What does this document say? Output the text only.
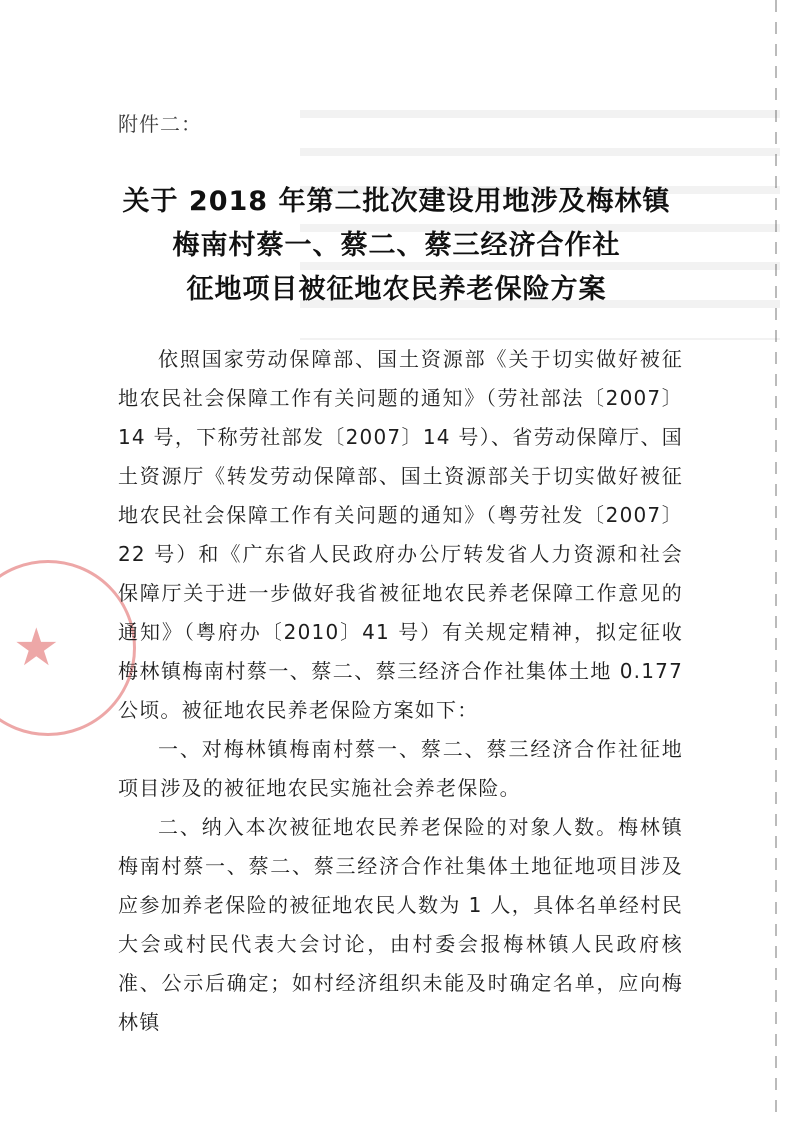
★
附件二：
关于 2018 年第二批次建设用地涉及梅林镇
梅南村蔡一、蔡二、蔡三经济合作社
征地项目被征地农民养老保险方案

依照国家劳动保障部、国土资源部《关于切实做好被征地农民社会保障工作有关问题的通知》（劳社部法〔2007〕14 号，下称劳社部发〔2007〕14 号）、省劳动保障厅、国土资源厅《转发劳动保障部、国土资源部关于切实做好被征地农民社会保障工作有关问题的通知》（粤劳社发〔2007〕22 号）和《广东省人民政府办公厅转发省人力资源和社会保障厅关于进一步做好我省被征地农民养老保障工作意见的通知》（粤府办〔2010〕41 号）有关规定精神，拟定征收梅林镇梅南村蔡一、蔡二、蔡三经济合作社集体土地 0.177 公顷。被征地农民养老保险方案如下：

一、对梅林镇梅南村蔡一、蔡二、蔡三经济合作社征地项目涉及的被征地农民实施社会养老保险。

二、纳入本次被征地农民养老保险的对象人数。梅林镇梅南村蔡一、蔡二、蔡三经济合作社集体土地征地项目涉及应参加养老保险的被征地农民人数为 1 人，具体名单经村民大会或村民代表大会讨论，由村委会报梅林镇人民政府核准、公示后确定；如村经济组织未能及时确定名单，应向梅林镇
